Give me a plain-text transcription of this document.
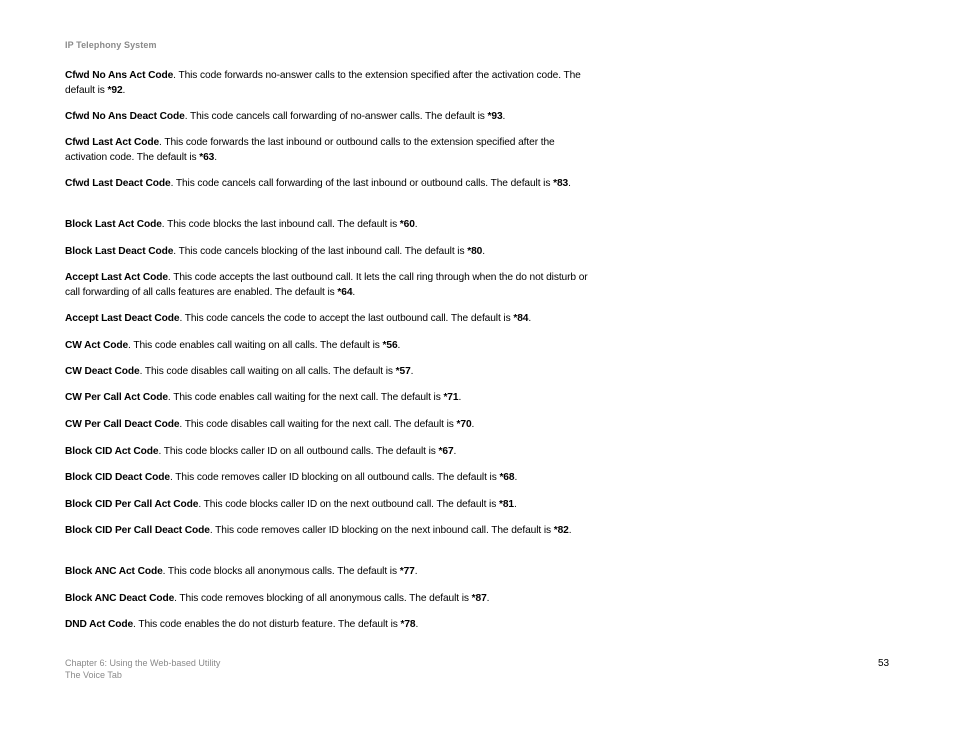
IP Telephony System

Cfwd No Ans Act Code. This code forwards no-answer calls to the extension specified after the activation code. The default is *92.

Cfwd No Ans Deact Code. This code cancels call forwarding of no-answer calls. The default is *93.

Cfwd Last Act Code. This code forwards the last inbound or outbound calls to the extension specified after the activation code. The default is *63.

Cfwd Last Deact Code. This code cancels call forwarding of the last inbound or outbound calls. The default is *83.

Block Last Act Code. This code blocks the last inbound call. The default is *60.

Block Last Deact Code. This code cancels blocking of the last inbound call. The default is *80.

Accept Last Act Code. This code accepts the last outbound call. It lets the call ring through when the do not disturb or call forwarding of all calls features are enabled. The default is *64.

Accept Last Deact Code. This code cancels the code to accept the last outbound call. The default is *84.

CW Act Code. This code enables call waiting on all calls. The default is *56.

CW Deact Code. This code disables call waiting on all calls. The default is *57.

CW Per Call Act Code. This code enables call waiting for the next call. The default is *71.

CW Per Call Deact Code. This code disables call waiting for the next call. The default is *70.

Block CID Act Code. This code blocks caller ID on all outbound calls. The default is *67.

Block CID Deact Code. This code removes caller ID blocking on all outbound calls. The default is *68.

Block CID Per Call Act Code. This code blocks caller ID on the next outbound call. The default is *81.

Block CID Per Call Deact Code. This code removes caller ID blocking on the next inbound call. The default is *82.

Block ANC Act Code. This code blocks all anonymous calls. The default is *77.

Block ANC Deact Code. This code removes blocking of all anonymous calls. The default is *87.

DND Act Code. This code enables the do not disturb feature. The default is *78.

Chapter 6: Using the Web-based Utility
The Voice Tab
53
